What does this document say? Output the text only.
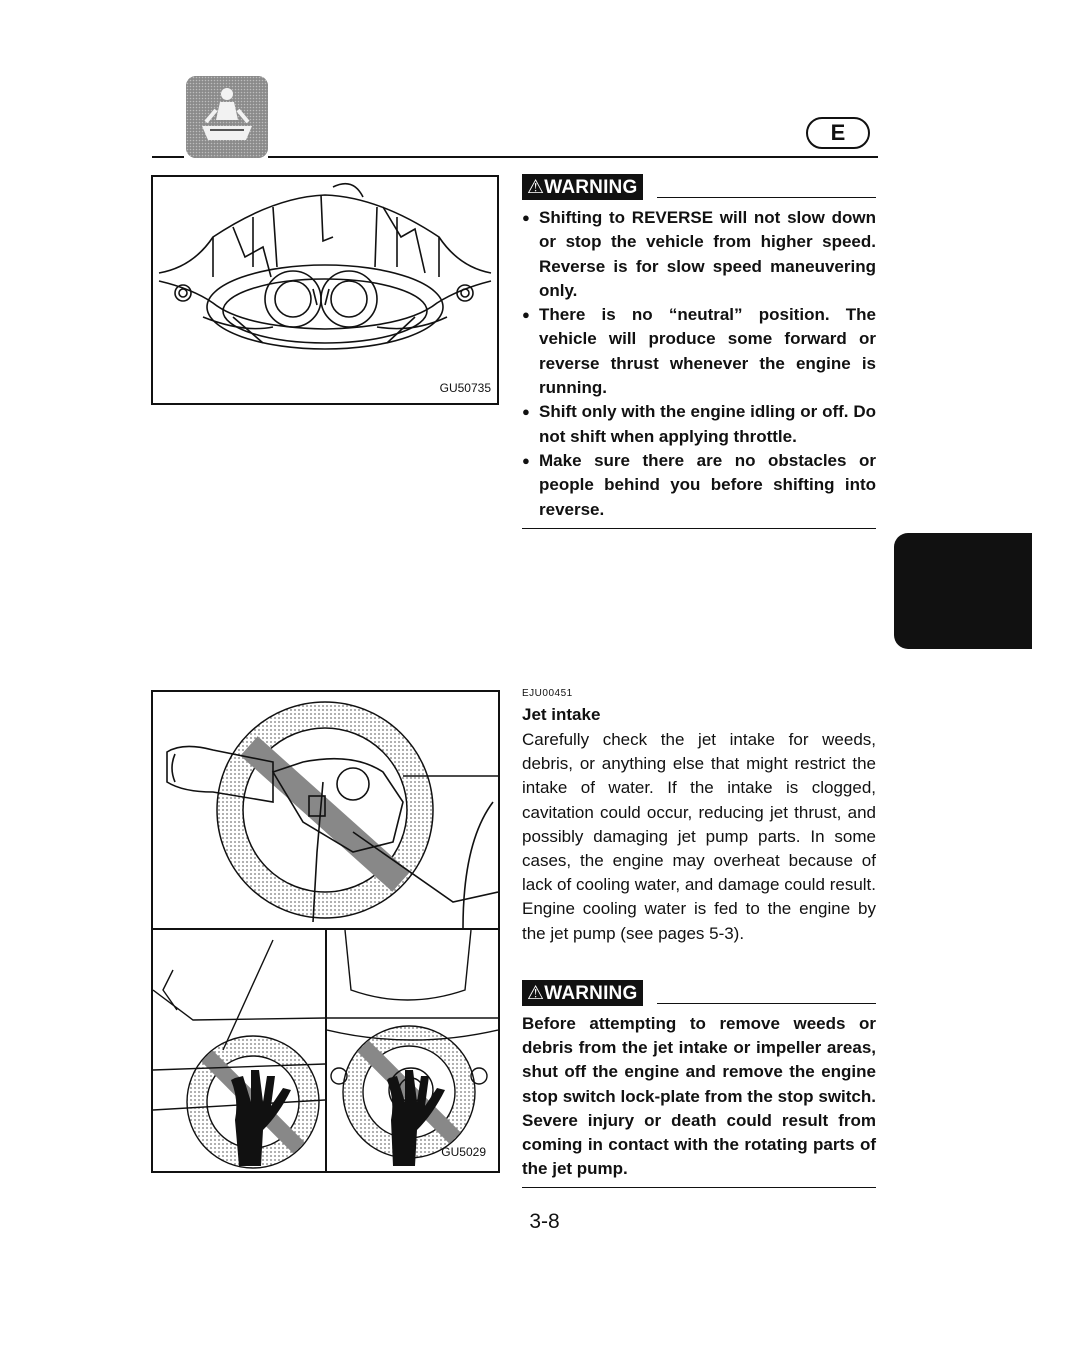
E
GU50735
⚠WARNING
● Shifting to REVERSE will not slow down or stop the vehicle from higher speed. Reverse is for slow speed maneuvering only.
● There is no “neutral” position. The vehicle will produce some forward or reverse thrust whenever the engine is running.
● Shift only with the engine idling or off. Do not shift when applying throttle.
● Make sure there are no obstacles or people behind you before shifting into reverse.
GU5029
EJU00451
Jet intake
Carefully check the jet intake for weeds, debris, or anything else that might restrict the intake of water. If the intake is clogged, cavitation could occur, reducing jet thrust, and possibly damaging jet pump parts. In some cases, the engine may overheat because of lack of cooling water, and damage could result. Engine cooling water is fed to the engine by the jet pump (see pages 5-3).
⚠WARNING
Before attempting to remove weeds or debris from the jet intake or impeller areas, shut off the engine and remove the engine stop switch lock-plate from the stop switch. Severe injury or death could result from coming in contact with the rotating parts of the jet pump.
3-8
